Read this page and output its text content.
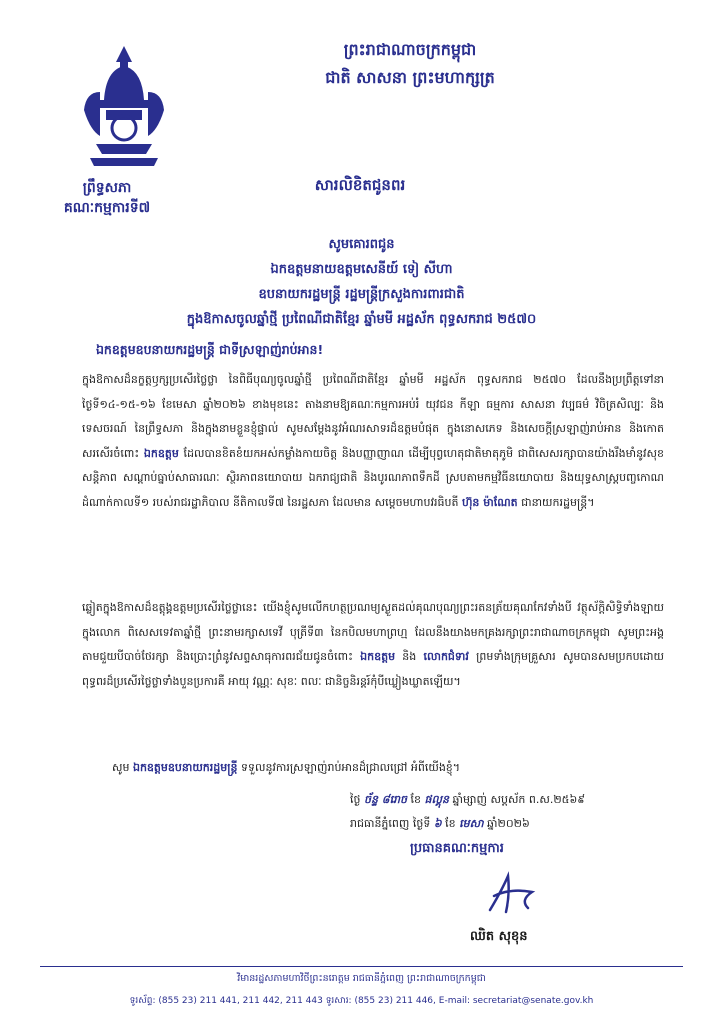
ព្រឹទ្ធសភា
គណៈកម្មការទី៧
ព្រះរាជាណាចក្រកម្ពុជា
ជាតិ សាសនា ព្រះមហាក្សត្រ
សារលិខិតជូនពរ
សូមគោរពជូន
ឯកឧត្តមនាយឧត្តមសេនីយ៍ ទៀ សីហា
ឧបនាយករដ្ឋមន្ត្រី រដ្ឋមន្ត្រីក្រសួងការពារជាតិ
ក្នុងឱកាសចូលឆ្នាំថ្មី ប្រពៃណីជាតិខ្មែរ ឆ្នាំមមី អដ្ឋស័ក ពុទ្ធសករាជ ២៥៧០
ឯកឧត្តមឧបនាយករដ្ឋមន្ត្រី ជាទីស្រឡាញ់រាប់អាន!
ក្នុងឱកាសដ៏នក្ខត្តឫក្សប្រសើរថ្លៃថ្លា នៃពិធីបុណ្យចូលឆ្នាំថ្មី ប្រពៃណីជាតិខ្មែរ ឆ្នាំមមី អដ្ឋស័ក ពុទ្ធសករាជ ២៥៧០ ដែលនឹងប្រព្រឹត្តទៅនាថ្ងៃទី១៤-១៥-១៦ ខែមេសា ឆ្នាំ២០២៦ ខាងមុខនេះ តាងនាមឱ្យគណៈកម្មការអប់រំ យុវជន កីឡា ធម្មការ សាសនា វប្បធម៌ វិចិត្រសិល្បៈ និងទេសចរណ៍ នៃព្រឹទ្ធសភា និងក្នុងនាមខ្លួនខ្ញុំផ្ទាល់ សូមសម្តែងនូវអំណរសាទរដ៏ឧត្តមបំផុត ក្នុងនោសភេទ និងសេចក្តីស្រឡាញ់រាប់អាន និងកោតសរសើរចំពោះ ឯកឧត្តម ដែលបានខិតខំយកអស់កម្លាំងកាយចិត្ត និងបញ្ញាញាណ ដើម្បីបុព្វហេតុជាតិមាតុភូមិ ជាពិសេសរក្សាបានយ៉ាងរឹងមាំនូវសុខសន្តិភាព សណ្តាប់ធ្នាប់សាធារណៈ ស្ថិរភាពនយោបាយ ឯករាជ្យជាតិ និងបូរណភាពទឹកដី ស្របតាមកម្មវិធីនយោបាយ និងយុទ្ធសាស្ត្របញ្ចកោណ ដំណាក់កាលទី១ របស់រាជរដ្ឋាភិបាល នីតិកាលទី៧ នៃរដ្ឋសភា ដែលមាន សម្តេចមហាបវរធិបតី ហ៊ុន ម៉ាណែត ជានាយករដ្ឋមន្ត្រី។
ឆ្លៀតក្នុងឱកាសដ៏ឧត្តុង្គឧត្តមប្រសើរថ្លៃថ្លានេះ យើងខ្ញុំសូមលើកហត្ថប្រណម្យស្ងួតដល់គុណបុណ្យព្រះរតនត្រ័យគុណកែវទាំងបី វត្ថុស័ក្តិសិទ្ធិទាំងឡាយក្នុងលោក ពិសេសទេវតាឆ្នាំថ្មី ព្រះនាមរក្សាសទេវី បុត្រីទី៣ នៃកបិលមហាព្រហ្ម ដែលនឹងយាងមកគ្រងរក្សាព្រះរាជាណាចក្រកម្ពុជា សូមព្រះអង្គតាមជួយបីបាច់ថែរក្សា និងប្រោះព្រំនូវសព្ទសាធុការពរជ័យជូនចំពោះ ឯកឧត្តម និង លោកជំទាវ ព្រមទាំងក្រុមគ្រួសារ សូមបានសមប្រកបដោយពុទ្ធពរដ៏ប្រសើរថ្លៃថ្លាទាំងបួនប្រការគឺ អាយុ វណ្ណៈ សុខៈ ពលៈ ជានិច្ចនិរន្តរ៍កុំបីឃ្លៀងឃ្លាតឡើយ។
សូម ឯកឧត្តមឧបនាយករដ្ឋមន្ត្រី ទទួលនូវការស្រឡាញ់រាប់អានដ៏ជ្រាលជ្រៅ អំពីយើងខ្ញុំ។
ថ្ងៃ ច័ន្ទ ៨រោច ខែ ផល្គុន ឆ្នាំម្សាញ់ សប្តស័ក ព.ស.២៥៦៩
រាជធានីភ្នំពេញ ថ្ងៃទី ៦ ខែ មេសា ឆ្នាំ២០២៦
ប្រធានគណៈកម្មការ
ឈិត សុខុន
វិមានរដ្ឋសភាមហាវិថីព្រះនរោត្តម រាជធានីភ្នំពេញ ព្រះរាជាណាចក្រកម្ពុជា
ទូរស័ព្ទ: (855 23) 211 441, 211 442, 211 443 ទូរសារ: (855 23) 211 446, E-mail: secretariat@senate.gov.kh
